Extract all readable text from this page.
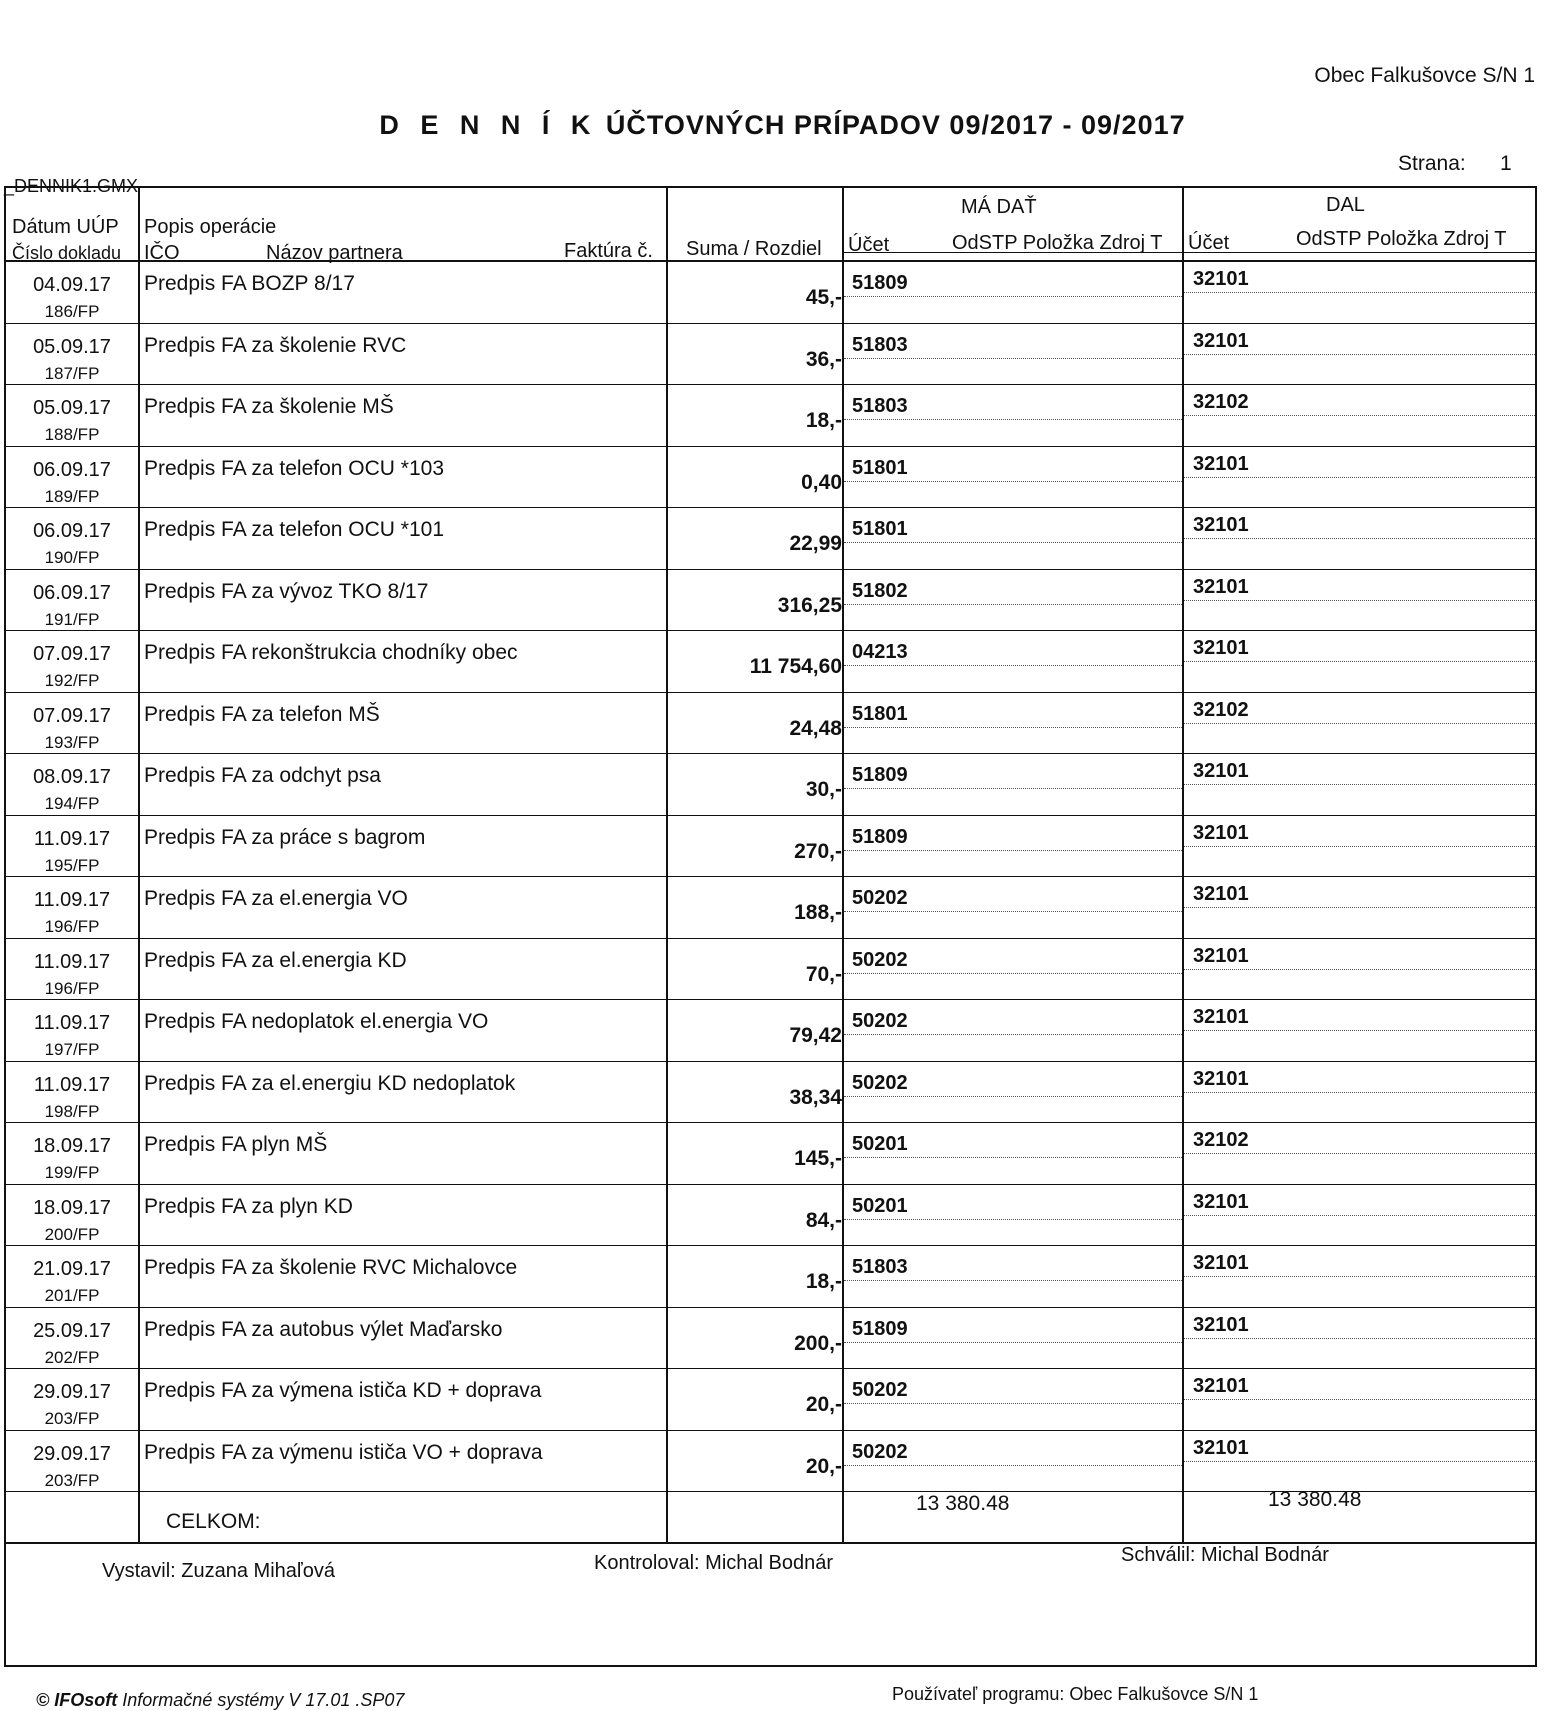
Obec Falkušovce S/N 1
D E N N Í K ÚČTOVNÝCH PRÍPADOV 09/2017 - 09/2017
Strana: 1
_DENNIK1.GMX
Dátum UÚP
Číslo dokladu
Popis operácie
IČO	Názov partnera	Faktúra č. Suma / Rozdiel
MÁ DAŤ	DAL
Účet	OdSTP Položka Zdroj T Účet	OdSTP Položka Zdroj T
04.09.17
186/FP
Predpis FA BOZP 8/17
45,-
51809	32101
05.09.17
187/FP
Predpis FA za školenie RVC
36,-
51803	32101
05.09.17
188/FP
Predpis FA za školenie MŠ
18,-
51803	32102
06.09.17
189/FP
Predpis FA za telefon OCU *103
0,40
51801	32101
06.09.17
190/FP
Predpis FA za telefon OCU *101
22,99
51801	32101
06.09.17
191/FP
Predpis FA za vývoz TKO 8/17
316,25
51802	32101
07.09.17
192/FP
Predpis FA rekonštrukcia chodníky obec
11 754,60
04213	32101
07.09.17
193/FP
Predpis FA za telefon MŠ
24,48
51801	32102
08.09.17
194/FP
Predpis FA za odchyt psa
30,-
51809	32101
11.09.17
195/FP
Predpis FA za práce s bagrom
270,-
51809	32101
11.09.17
196/FP
Predpis FA za el.energia VO
188,-
50202	32101
11.09.17
196/FP
Predpis FA za el.energia KD
70,-
50202	32101
11.09.17
197/FP
Predpis FA nedoplatok el.energia VO
79,42
50202	32101
11.09.17
198/FP
Predpis FA za el.energiu KD nedoplatok
38,34
50202	32101
18.09.17
199/FP
Predpis FA plyn MŠ
145,-
50201	32102
18.09.17
200/FP
Predpis FA za plyn KD
84,-
50201	32101
21.09.17
201/FP
Predpis FA za školenie RVC Michalovce
18,-
51803	32101
25.09.17
202/FP
Predpis FA za autobus výlet Maďarsko
200,-
51809	32101
29.09.17
203/FP
Predpis FA za výmena ističa KD + doprava
20,-
50202	32101
29.09.17
203/FP
Predpis FA za výmenu ističa VO + doprava
20,-
50202	32101
CELKOM:
13 380.48	13 380.48
Vystavil: Zuzana Mihaľová	Kontroloval: Michal Bodnár	Schválil: Michal Bodnár
© IFOsoft Informačné systémy V 17.01 .SP07	Používateľ programu: Obec Falkušovce S/N 1
